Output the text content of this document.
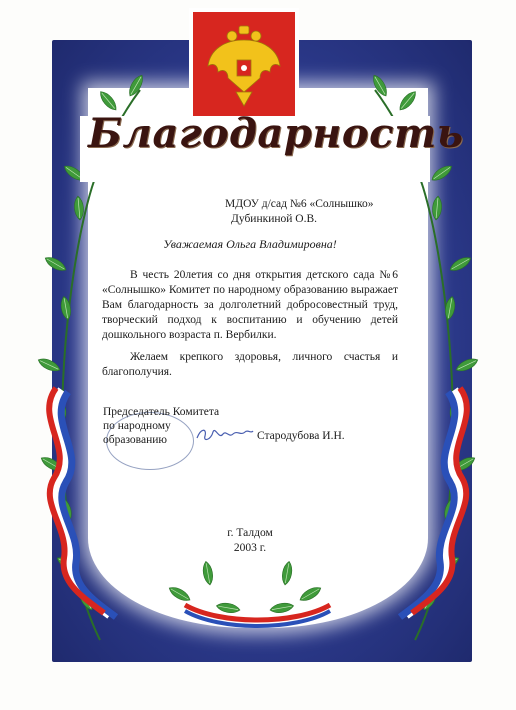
Благодарность
МДОУ д/сад №6 «Солнышко»
Дубинкиной О.В.
Уважаемая Ольга Владимировна!
В честь 20летия со дня открытия детского сада №6 «Солнышко» Комитет по народному образованию выражает Вам благодарность за долголетний добросовестный труд, творческий подход к воспитанию и обучению детей дошкольного возраста п. Вербилки.
Желаем крепкого здоровья, личного счастья и благополучия.
Председатель Комитета
по народному
образованию	Стародубова И.Н.
г. Талдом
2003 г.
